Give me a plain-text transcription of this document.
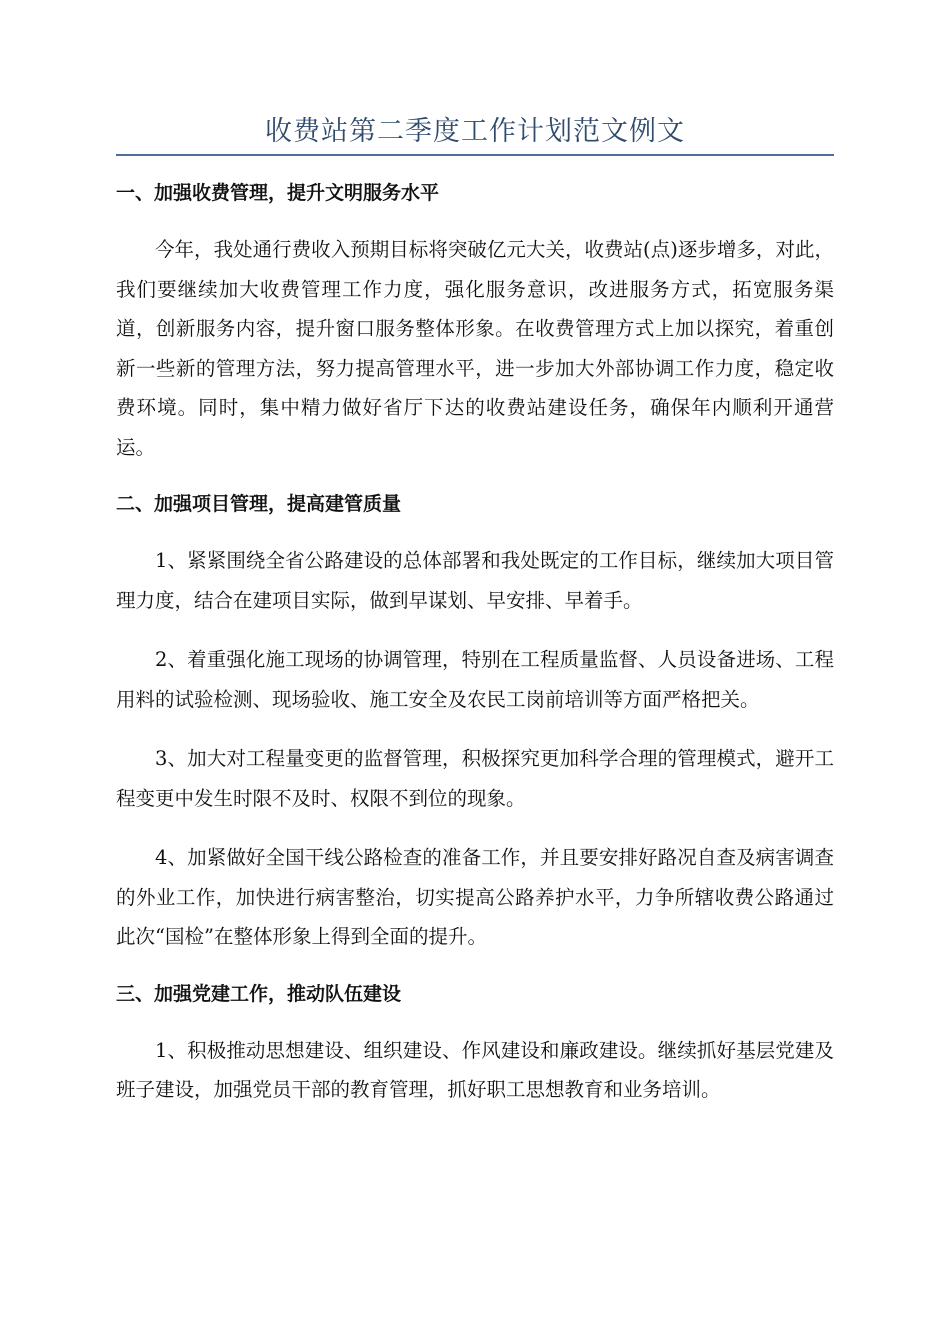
收费站第二季度工作计划范文例文
一、加强收费管理，提升文明服务水平

今年，我处通行费收入预期目标将突破亿元大关，收费站(点)逐步增多，对此，我们要继续加大收费管理工作力度，强化服务意识，改进服务方式，拓宽服务渠道，创新服务内容，提升窗口服务整体形象。在收费管理方式上加以探究，着重创新一些新的管理方法，努力提高管理水平，进一步加大外部协调工作力度，稳定收费环境。同时，集中精力做好省厅下达的收费站建设任务，确保年内顺利开通营运。

二、加强项目管理，提高建管质量

1、紧紧围绕全省公路建设的总体部署和我处既定的工作目标，继续加大项目管理力度，结合在建项目实际，做到早谋划、早安排、早着手。

2、着重强化施工现场的协调管理，特别在工程质量监督、人员设备进场、工程用料的试验检测、现场验收、施工安全及农民工岗前培训等方面严格把关。

3、加大对工程量变更的监督管理，积极探究更加科学合理的管理模式，避开工程变更中发生时限不及时、权限不到位的现象。

4、加紧做好全国干线公路检查的准备工作，并且要安排好路况自查及病害调查的外业工作，加快进行病害整治，切实提高公路养护水平，力争所辖收费公路通过此次“国检”在整体形象上得到全面的提升。

三、加强党建工作，推动队伍建设

1、积极推动思想建设、组织建设、作风建设和廉政建设。继续抓好基层党建及班子建设，加强党员干部的教育管理，抓好职工思想教育和业务培训。
